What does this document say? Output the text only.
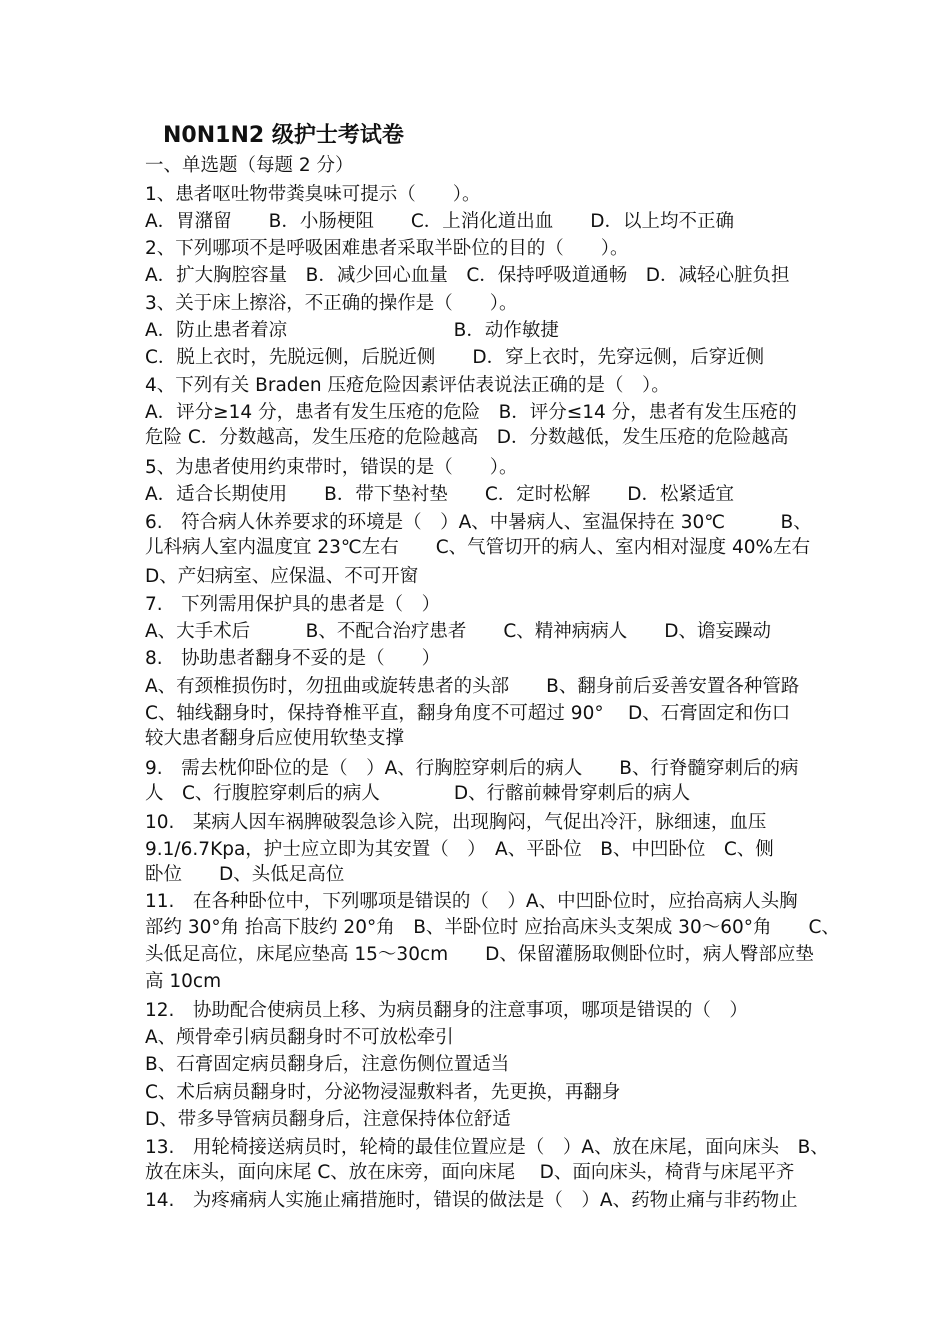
N0N1N2 级护士考试卷
一、单选题（每题 2 分）
1、患者呕吐物带粪臭味可提示（　　）。
A．胃潴留　　B．小肠梗阻　　C．上消化道出血　　D．以上均不正确
2、下列哪项不是呼吸困难患者采取半卧位的目的（　　）。
A．扩大胸腔容量　B．减少回心血量　C．保持呼吸道通畅　D．减轻心脏负担
3、关于床上擦浴，不正确的操作是（　　）。
A．防止患者着凉　　　　　　　　　B．动作敏捷
C．脱上衣时，先脱远侧，后脱近侧　　D．穿上衣时，先穿远侧，后穿近侧
4、下列有关 Braden 压疮危险因素评估表说法正确的是（　）。
A．评分≥14 分，患者有发生压疮的危险　B．评分≤14 分，患者有发生压疮的
危险 C．分数越高，发生压疮的危险越高　D．分数越低，发生压疮的危险越高
5、为患者使用约束带时，错误的是（　　）。
A．适合长期使用　　B．带下垫衬垫　　C．定时松解　　D．松紧适宜
6.　符合病人休养要求的环境是（　）A、中暑病人、室温保持在 30℃　　　B、
儿科病人室内温度宜 23℃左右　　C、气管切开的病人、室内相对湿度 40%左右
D、产妇病室、应保温、不可开窗
7.　下列需用保护具的患者是（　）
A、大手术后　　　B、不配合治疗患者　　C、精神病病人　　D、谵妄躁动
8.　协助患者翻身不妥的是（　　）
A、有颈椎损伤时，勿扭曲或旋转患者的头部　　B、翻身前后妥善安置各种管路
C、轴线翻身时，保持脊椎平直，翻身角度不可超过 90°　 D、石膏固定和伤口
较大患者翻身后应使用软垫支撑
9.　需去枕仰卧位的是（　）A、行胸腔穿刺后的病人　　B、行脊髓穿刺后的病
人　C、行腹腔穿刺后的病人　　　　D、行髂前棘骨穿刺后的病人
10.　某病人因车祸脾破裂急诊入院，出现胸闷，气促出冷汗，脉细速，血压
9.1/6.7Kpa，护士应立即为其安置（　）　A、平卧位　B、中凹卧位　C、侧
卧位　　D、头低足高位
11.　在各种卧位中，下列哪项是错误的（　）A、中凹卧位时，应抬高病人头胸
部约 30°角 抬高下肢约 20°角　B、半卧位时 应抬高床头支架成 30～60°角　　C、
头低足高位，床尾应垫高 15～30cm　　D、保留灌肠取侧卧位时，病人臀部应垫
高 10cm
12.　协助配合使病员上移、为病员翻身的注意事项，哪项是错误的（　）
A、颅骨牵引病员翻身时不可放松牵引
B、石膏固定病员翻身后，注意伤侧位置适当
C、术后病员翻身时，分泌物浸湿敷料者，先更换，再翻身
D、带多导管病员翻身后，注意保持体位舒适
13.　用轮椅接送病员时，轮椅的最佳位置应是（　）A、放在床尾，面向床头　B、
放在床头，面向床尾 C、放在床旁，面向床尾　 D、面向床头，椅背与床尾平齐
14.　为疼痛病人实施止痛措施时，错误的做法是（　）A、药物止痛与非药物止
